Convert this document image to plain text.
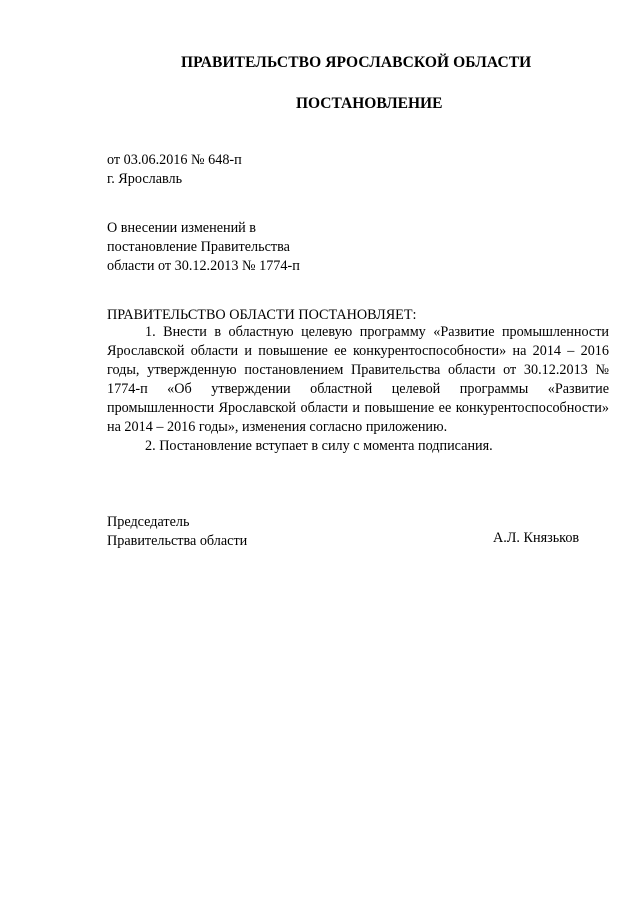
ПРАВИТЕЛЬСТВО ЯРОСЛАВСКОЙ ОБЛАСТИ
ПОСТАНОВЛЕНИЕ
от 03.06.2016 № 648-п
г. Ярославль
О внесении изменений в
постановление Правительства
области от 30.12.2013 № 1774-п
ПРАВИТЕЛЬСТВО ОБЛАСТИ ПОСТАНОВЛЯЕТ:
1. Внести в областную целевую программу «Развитие промышленности Ярославской области и повышение ее конкурентоспособности» на 2014 – 2016 годы, утвержденную постановлением Правительства области от 30.12.2013 № 1774-п «Об утверждении областной целевой программы «Развитие промышленности Ярославской области и повышение ее конкурентоспособности» на 2014 – 2016 годы», изменения согласно приложению.
2. Постановление вступает в силу с момента подписания.
Председатель
Правительства области	А.Л. Князьков
